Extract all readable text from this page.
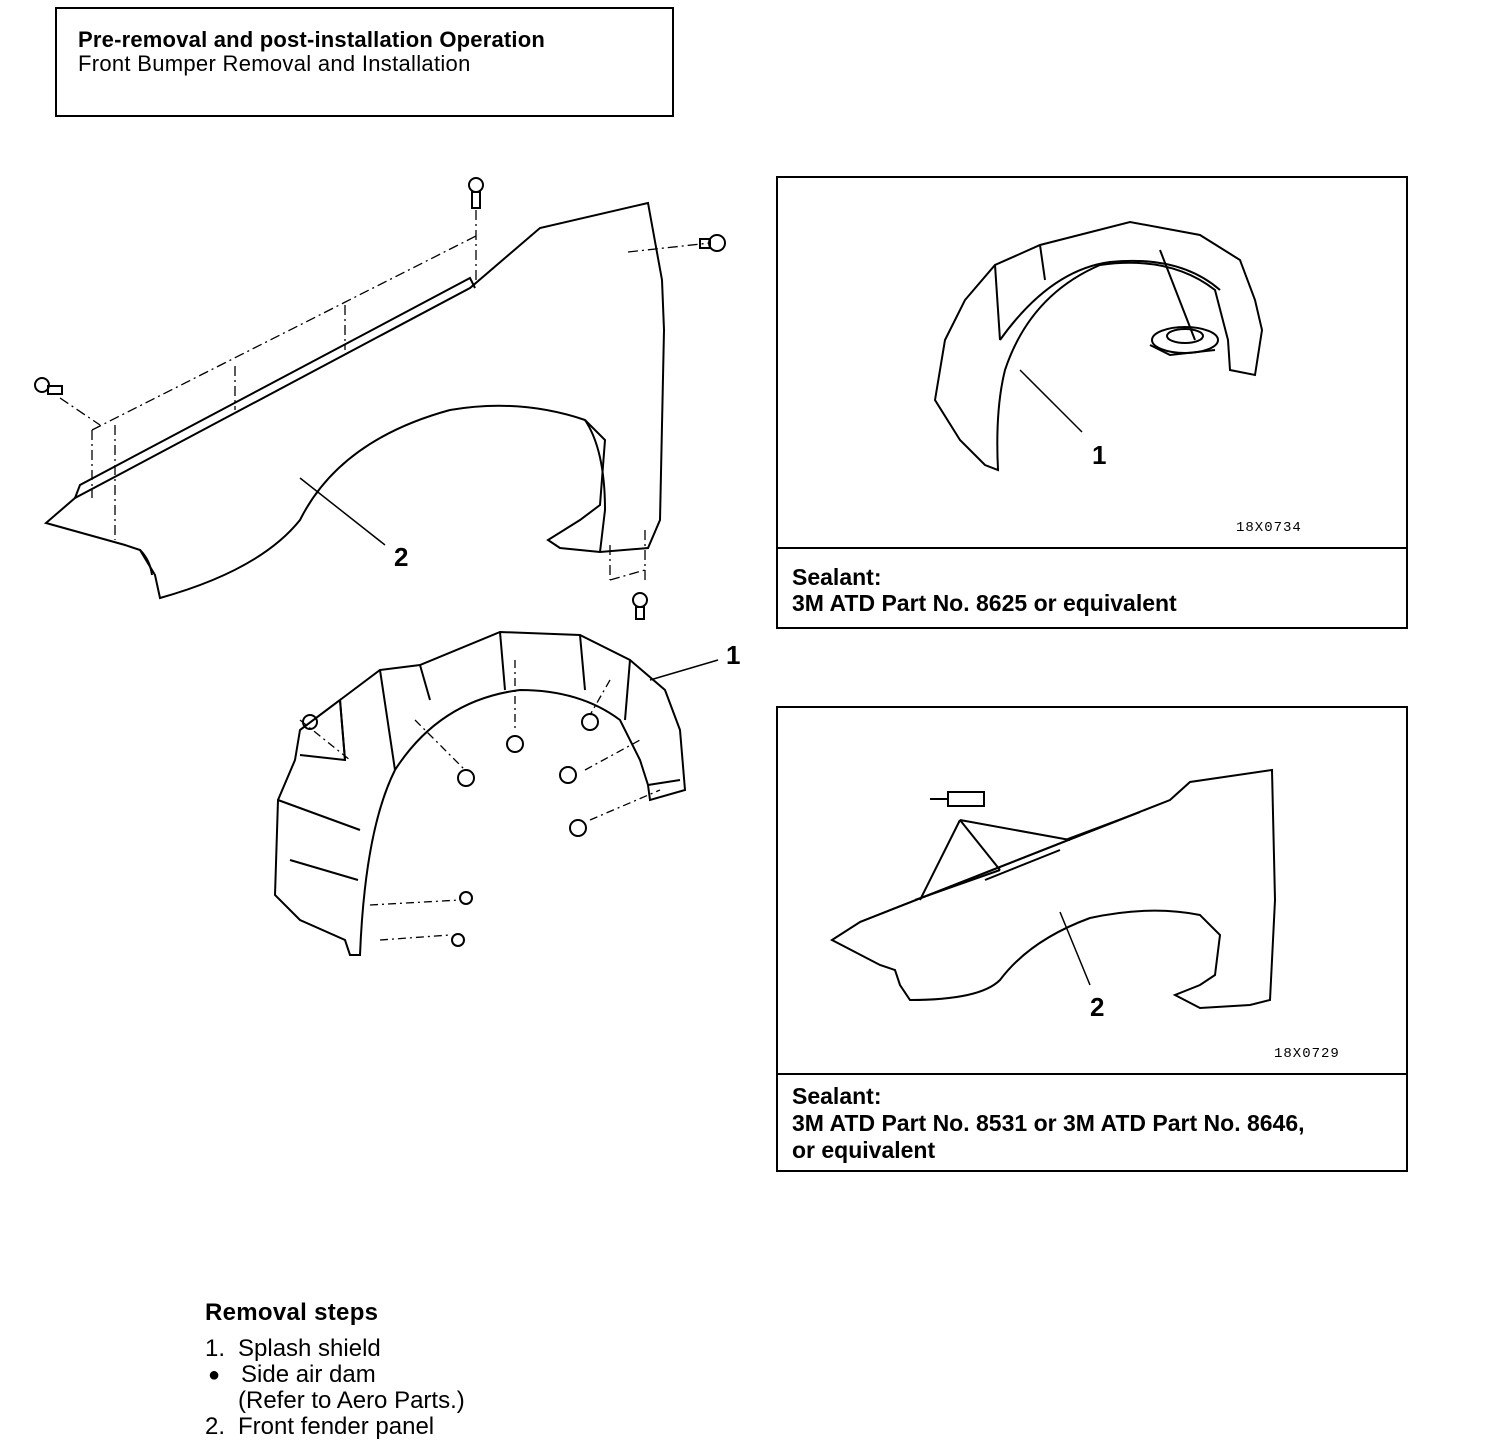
Pre-removal and post-installation Operation
Front Bumper Removal and Installation
2
1
1
18X0734
Sealant:
3M ATD Part No. 8625 or equivalent
2
18X0729
Sealant:
3M ATD Part No. 8531 or 3M ATD Part No. 8646,
or equivalent
Removal steps
1. Splash shield
● Side air dam
(Refer to Aero Parts.)
2. Front fender panel
